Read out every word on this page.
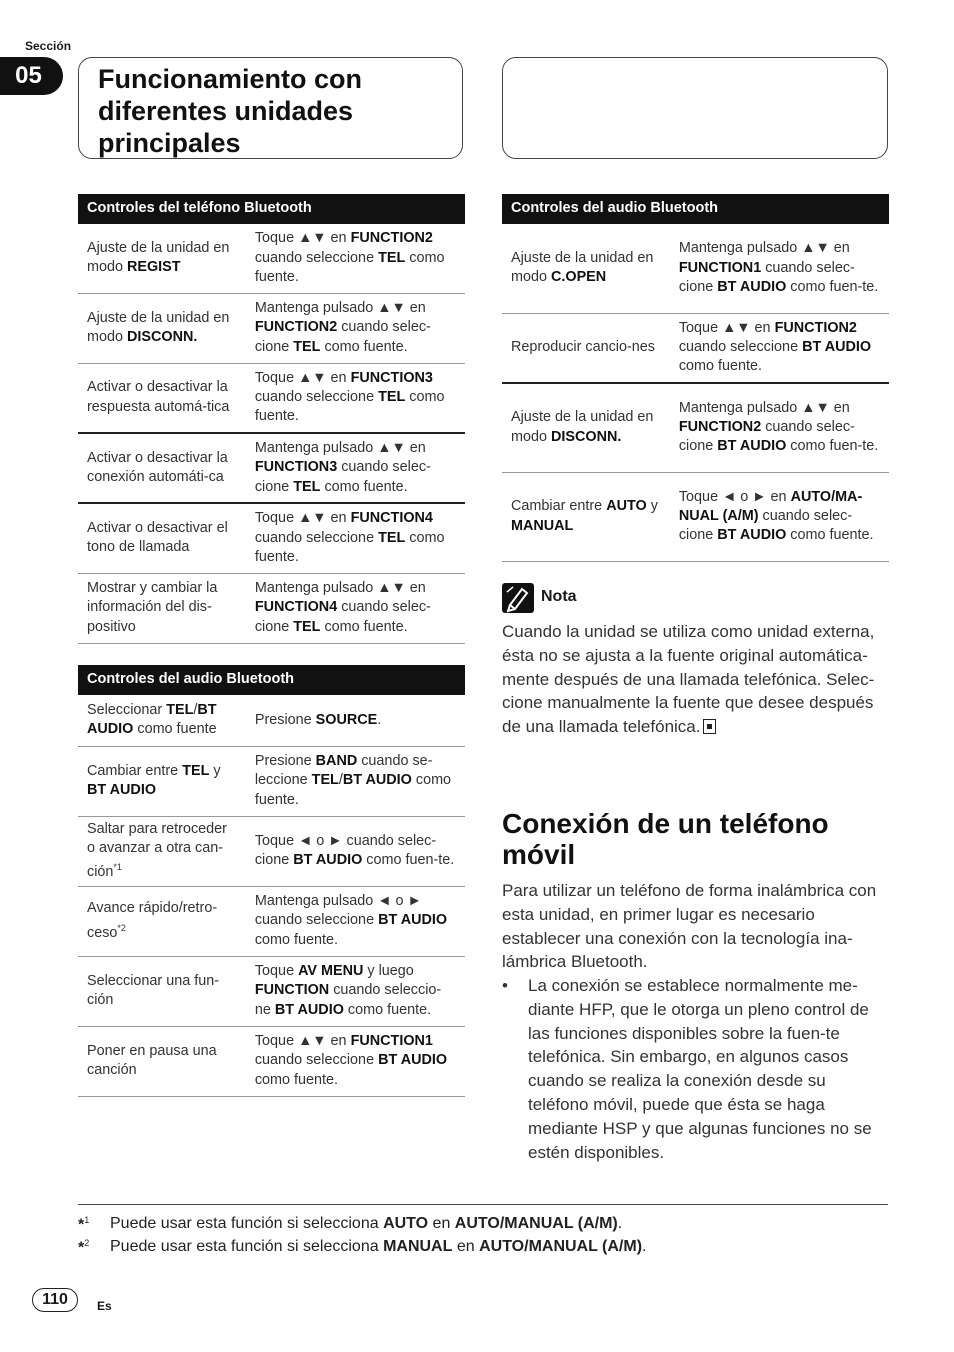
Sección
05	Funcionamiento con diferentes unidades principales
Controles del teléfono Bluetooth	
Ajuste de la unidad en modo REGIST	Toque ▲▼ en FUNCTION2 cuando seleccione TEL como fuente.
Ajuste de la unidad en modo DISCONN.	Mantenga pulsado ▲▼ en FUNCTION2 cuando selec-cione TEL como fuente.
Activar o desactivar la respuesta automá-tica	Toque ▲▼ en FUNCTION3 cuando seleccione TEL como fuente.
Activar o desactivar la conexión automáti-ca	Mantenga pulsado ▲▼ en FUNCTION3 cuando selec-cione TEL como fuente.
Activar o desactivar el tono de llamada	Toque ▲▼ en FUNCTION4 cuando seleccione TEL como fuente.
Mostrar y cambiar la información del dis-positivo	Mantenga pulsado ▲▼ en FUNCTION4 cuando selec-cione TEL como fuente.
Controles del audio Bluetooth	
Seleccionar TEL/BT AUDIO como fuente	Presione SOURCE.
Cambiar entre TEL y BT AUDIO	Presione BAND cuando se-leccione TEL/BT AUDIO como fuente.
Saltar para retroceder o avanzar a otra can-ción$^{*1}$	Toque ◄ o ► cuando selec-cione BT AUDIO como fuen-te.
Avance rápido/retro-ceso$^{*2}$	Mantenga pulsado ◄ o ► cuando seleccione BT AUDIO como fuente.
Seleccionar una fun-ción	Toque AV MENU y luego FUNCTION cuando seleccio-ne BT AUDIO como fuente.
Poner en pausa una canción	Toque ▲▼ en FUNCTION1 cuando seleccione BT AUDIO como fuente.
Controles del audio Bluetooth	
Ajuste de la unidad en modo C.OPEN	Mantenga pulsado ▲▼ en FUNCTION1 cuando selec-cione BT AUDIO como fuen-te.
Reproducir cancio-nes	Toque ▲▼ en FUNCTION2 cuando seleccione BT AUDIO como fuente.
Ajuste de la unidad en modo DISCONN.	Mantenga pulsado ▲▼ en FUNCTION2 cuando selec-cione BT AUDIO como fuen-te.
Cambiar entre AUTO y MANUAL	Toque ◄ o ► en AUTO/MA-NUAL (A/M) cuando selec-cione BT AUDIO como fuente.
Nota
Cuando la unidad se utiliza como unidad externa, ésta no se ajusta a la fuente original automática-mente después de una llamada telefónica. Selec-cione manualmente la fuente que desee después de una llamada telefónica.
Conexión de un teléfono móvil
Para utilizar un teléfono de forma inalámbrica con esta unidad, en primer lugar es necesario establecer una conexión con la tecnología ina-lámbrica Bluetooth.
• La conexión se establece normalmente me-diante HFP, que le otorga un pleno control de las funciones disponibles sobre la fuen-te telefónica. Sin embargo, en algunos casos cuando se realiza la conexión desde su teléfono móvil, puede que ésta se haga mediante HSP y que algunas funciones no se estén disponibles.
*$^1$ Puede usar esta función si selecciona AUTO en AUTO/MANUAL (A/M).
*$^2$ Puede usar esta función si selecciona MANUAL en AUTO/MANUAL (A/M).
110	Es
